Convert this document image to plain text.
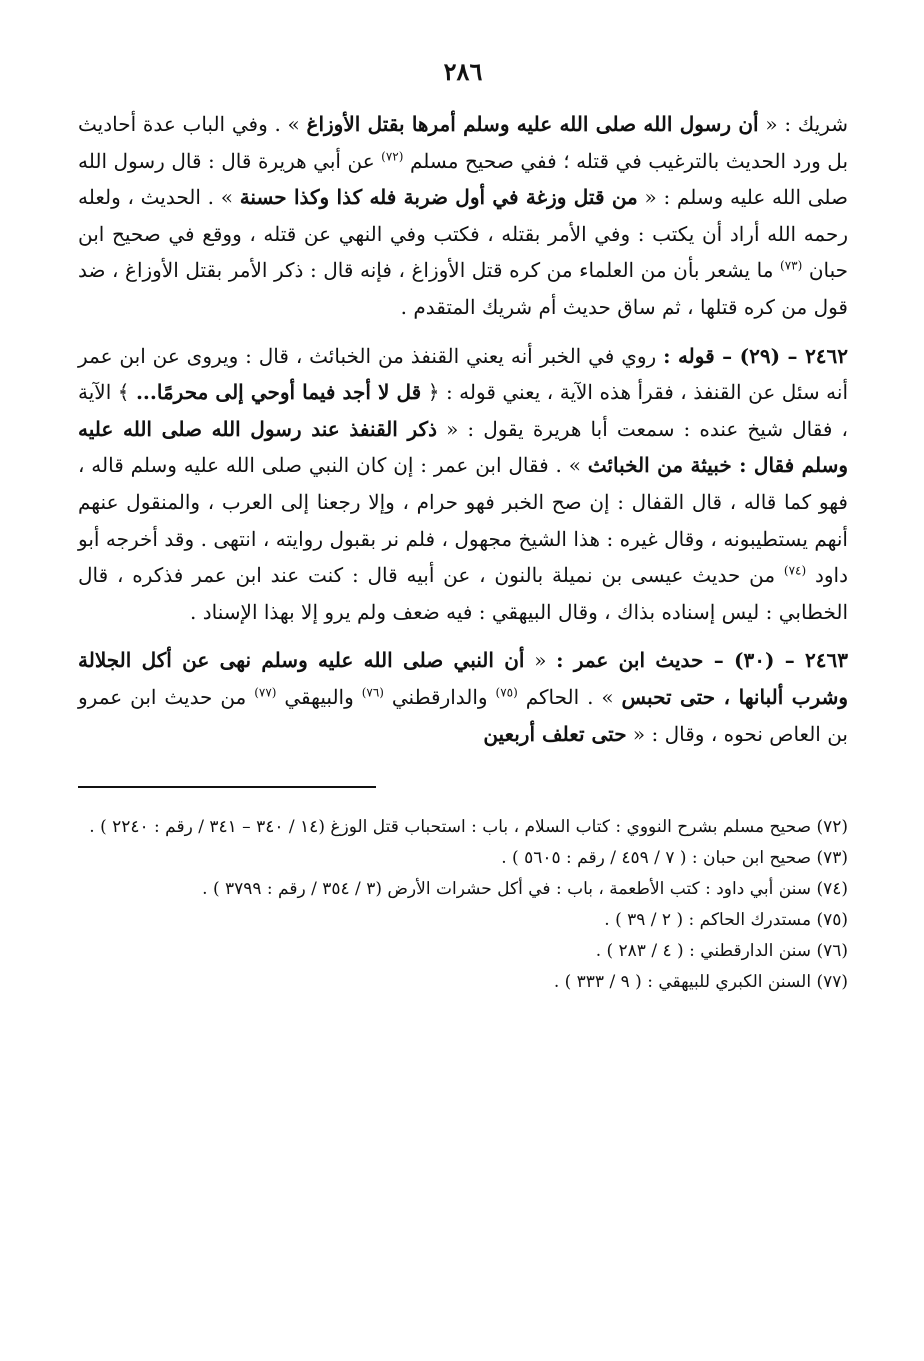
٢٨٦

شريك : « أن رسول الله صلى الله عليه وسلم أمرها بقتل الأوزاغ » . وفي الباب عدة أحاديث بل ورد الحديث بالترغيب في قتله ؛ ففي صحيح مسلم $^{(٧٢)}$ عن أبي هريرة قال : قال رسول الله صلى الله عليه وسلم : « من قتل وزغة في أول ضربة فله كذا وكذا حسنة » . الحديث ، ولعله رحمه الله أراد أن يكتب : وفي الأمر بقتله ، فكتب وفي النهي عن قتله ، ووقع في صحيح ابن حبان $^{(٧٣)}$ ما يشعر بأن من العلماء من كره قتل الأوزاغ ، فإنه قال : ذكر الأمر بقتل الأوزاغ ، ضد قول من كره قتلها ، ثم ساق حديث أم شريك المتقدم .

٢٤٦٢ – (٢٩) – قوله : روي في الخبر أنه يعني القنفذ من الخبائث ، قال : ويروى عن ابن عمر أنه سئل عن القنفذ ، فقرأ هذه الآية ، يعني قوله : ﴿ قل لا أجد فيما أوحي إلى محرمًا... ﴾ الآية ، فقال شيخ عنده : سمعت أبا هريرة يقول : « ذكر القنفذ عند رسول الله صلى الله عليه وسلم فقال : خبيثة من الخبائث » . فقال ابن عمر : إن كان النبي صلى الله عليه وسلم قاله ، فهو كما قاله ، قال القفال : إن صح الخبر فهو حرام ، وإلا رجعنا إلى العرب ، والمنقول عنهم أنهم يستطيبونه ، وقال غيره : هذا الشيخ مجهول ، فلم نر بقبول روايته ، انتهى . وقد أخرجه أبو داود $^{(٧٤)}$ من حديث عيسى بن نميلة بالنون ، عن أبيه قال : كنت عند ابن عمر فذكره ، قال الخطابي : ليس إسناده بذاك ، وقال البيهقي : فيه ضعف ولم يرو إلا بهذا الإسناد .

٢٤٦٣ – (٣٠) – حديث ابن عمر : « أن النبي صلى الله عليه وسلم نهى عن أكل الجلالة وشرب ألبانها ، حتى تحبس » . الحاكم $^{(٧٥)}$ والدارقطني $^{(٧٦)}$ والبيهقي $^{(٧٧)}$ من حديث ابن عمرو بن العاص نحوه ، وقال : « حتى تعلف أربعين

(٧٢) صحيح مسلم بشرح النووي : كتاب السلام ، باب : استحباب قتل الوزغ (١٤ / ٣٤٠ – ٣٤١ / رقم : ٢٢٤٠ ) .

(٧٣) صحيح ابن حبان : ( ٧ / ٤٥٩ / رقم : ٥٦٠٥ ) .

(٧٤) سنن أبي داود : كتب الأطعمة ، باب : في أكل حشرات الأرض (٣ / ٣٥٤ / رقم : ٣٧٩٩ ) .

(٧٥) مستدرك الحاكم : ( ٢ / ٣٩ ) .

(٧٦) سنن الدارقطني : ( ٤ / ٢٨٣ ) .

(٧٧) السنن الكبري للبيهقي : ( ٩ / ٣٣٣ ) .
